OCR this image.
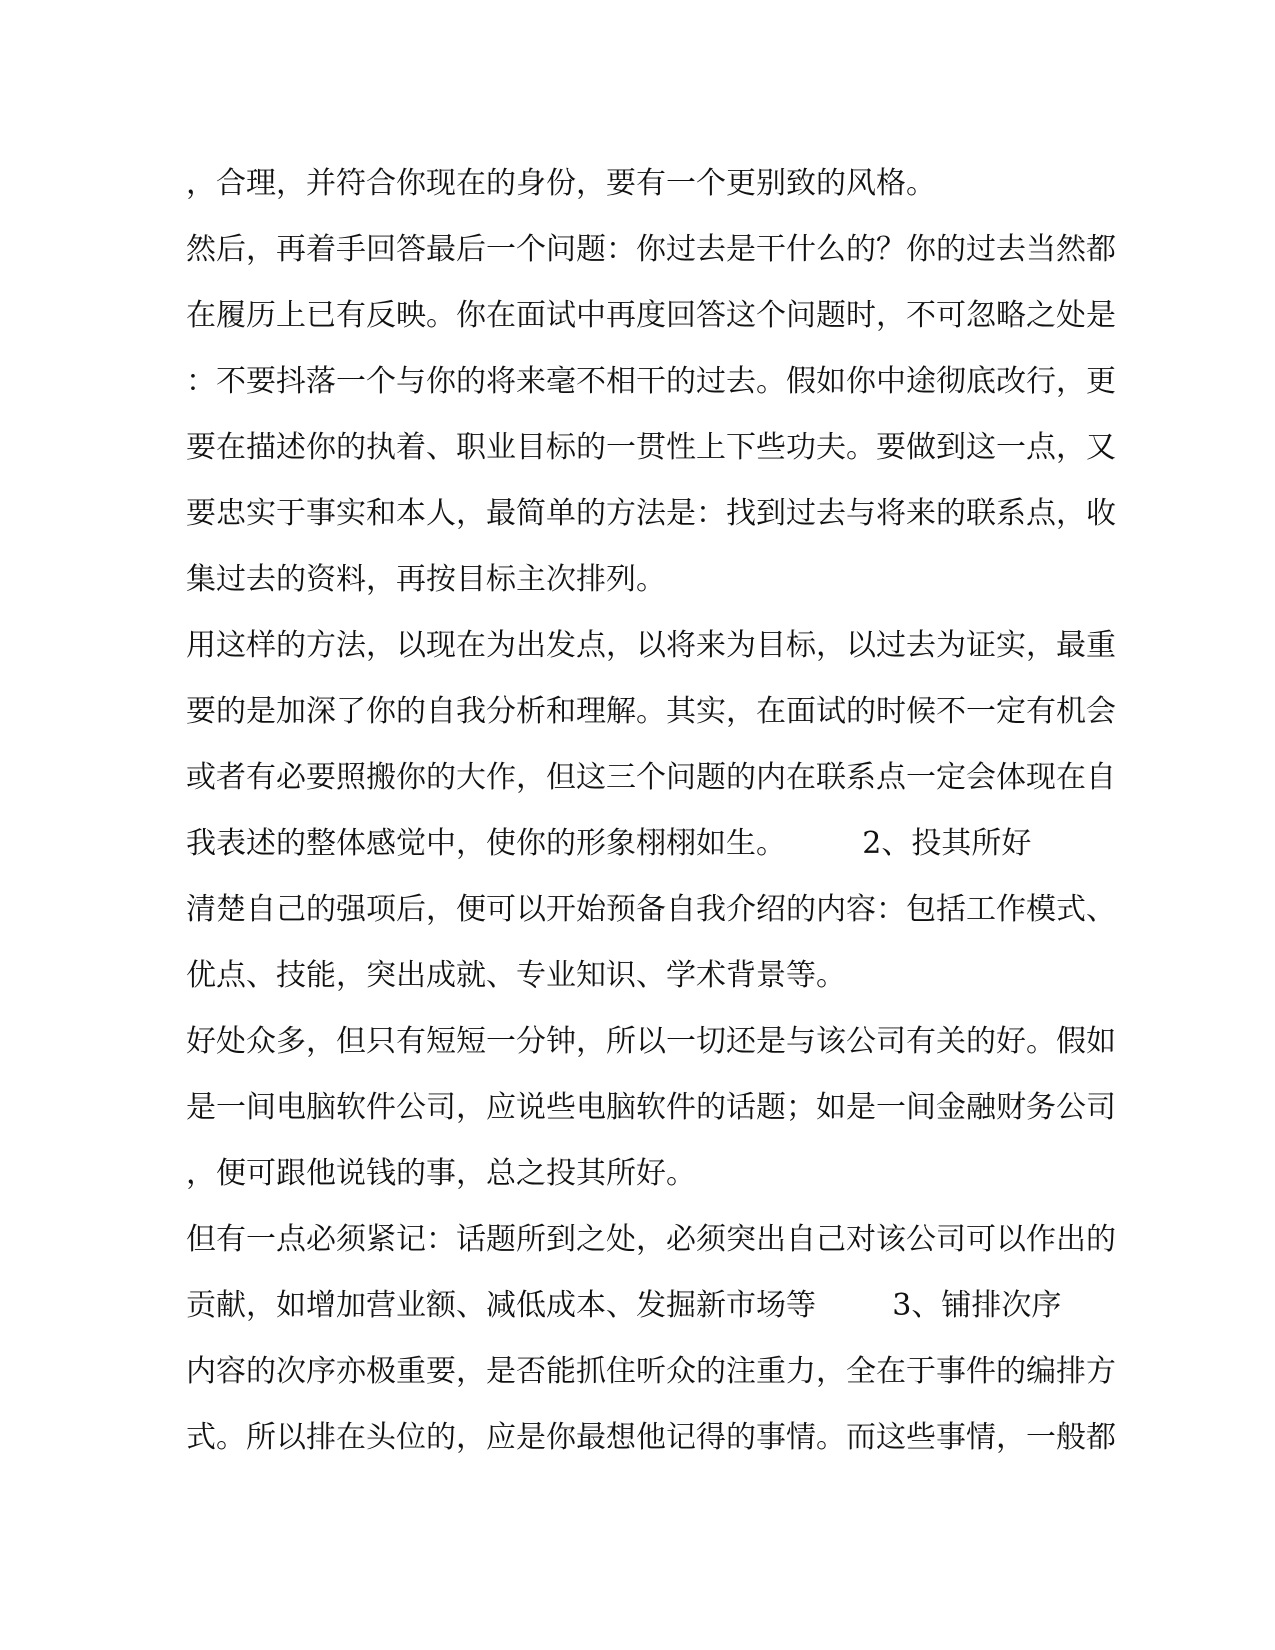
，合理，并符合你现在的身份，要有一个更别致的风格。
然后，再着手回答最后一个问题：你过去是干什么的？你的过去当然都
在履历上已有反映。你在面试中再度回答这个问题时，不可忽略之处是
：不要抖落一个与你的将来毫不相干的过去。假如你中途彻底改行，更
要在描述你的执着、职业目标的一贯性上下些功夫。要做到这一点，又
要忠实于事实和本人，最简单的方法是：找到过去与将来的联系点，收
集过去的资料，再按目标主次排列。
用这样的方法，以现在为出发点，以将来为目标，以过去为证实，最重
要的是加深了你的自我分析和理解。其实，在面试的时候不一定有机会
或者有必要照搬你的大作，但这三个问题的内在联系点一定会体现在自
我表述的整体感觉中，使你的形象栩栩如生。        2、投其所好
清楚自己的强项后，便可以开始预备自我介绍的内容：包括工作模式、
优点、技能，突出成就、专业知识、学术背景等。
好处众多，但只有短短一分钟，所以一切还是与该公司有关的好。假如
是一间电脑软件公司，应说些电脑软件的话题；如是一间金融财务公司
，便可跟他说钱的事，总之投其所好。
但有一点必须紧记：话题所到之处，必须突出自己对该公司可以作出的
贡献，如增加营业额、减低成本、发掘新市场等        3、铺排次序
内容的次序亦极重要，是否能抓住听众的注重力，全在于事件的编排方
式。所以排在头位的，应是你最想他记得的事情。而这些事情，一般都
